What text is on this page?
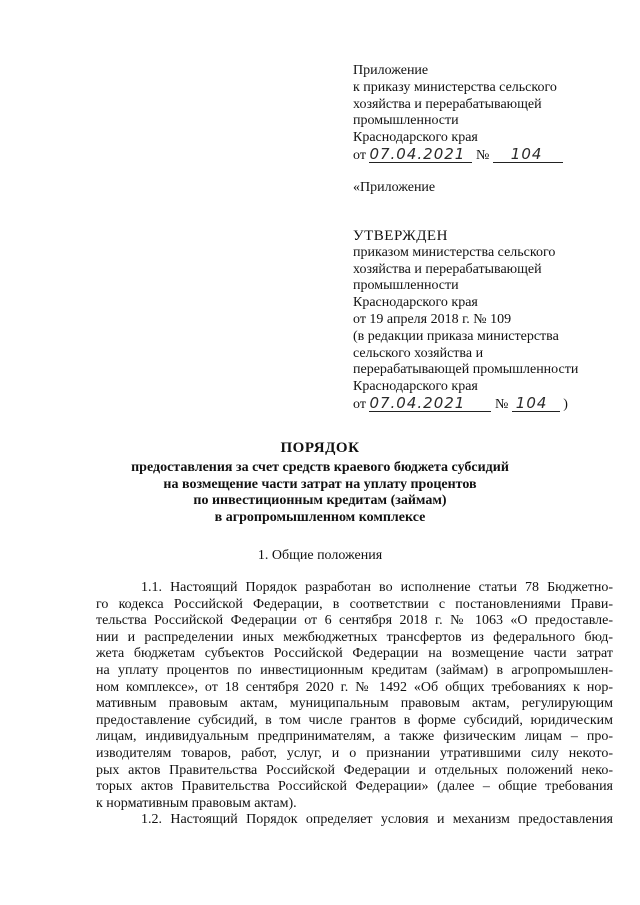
Приложение
к приказу министерства сельского
хозяйства и перерабатывающей
промышленности
Краснодарского края
от 07.04.2021 № 104
«Приложение
УТВЕРЖДЕН
приказом министерства сельского
хозяйства и перерабатывающей
промышленности
Краснодарского края
от 19 апреля 2018 г. № 109
(в редакции приказа министерства
сельского хозяйства и
перерабатывающей промышленности
Краснодарского края
от 07.04.2021 № 104 )
ПОРЯДОК
предоставления за счет средств краевого бюджета субсидий
на возмещение части затрат на уплату процентов
по инвестиционным кредитам (займам)
в агропромышленном комплексе
1. Общие положения
1.1. Настоящий Порядок разработан во исполнение статьи 78 Бюджетно-
го кодекса Российской Федерации, в соответствии с постановлениями Прави-
тельства Российской Федерации от 6 сентября 2018 г. № 1063 «О предоставле-
нии и распределении иных межбюджетных трансфертов из федерального бюд-
жета бюджетам субъектов Российской Федерации на возмещение части затрат
на уплату процентов по инвестиционным кредитам (займам) в агропромышлен-
ном комплексе», от 18 сентября 2020 г. № 1492 «Об общих требованиях к нор-
мативным правовым актам, муниципальным правовым актам, регулирующим
предоставление субсидий, в том числе грантов в форме субсидий, юридическим
лицам, индивидуальным предпринимателям, а также физическим лицам – про-
изводителям товаров, работ, услуг, и о признании утратившими силу некото-
рых актов Правительства Российской Федерации и отдельных положений неко-
торых актов Правительства Российской Федерации» (далее – общие требования
к нормативным правовым актам).
1.2. Настоящий Порядок определяет условия и механизм предоставления
